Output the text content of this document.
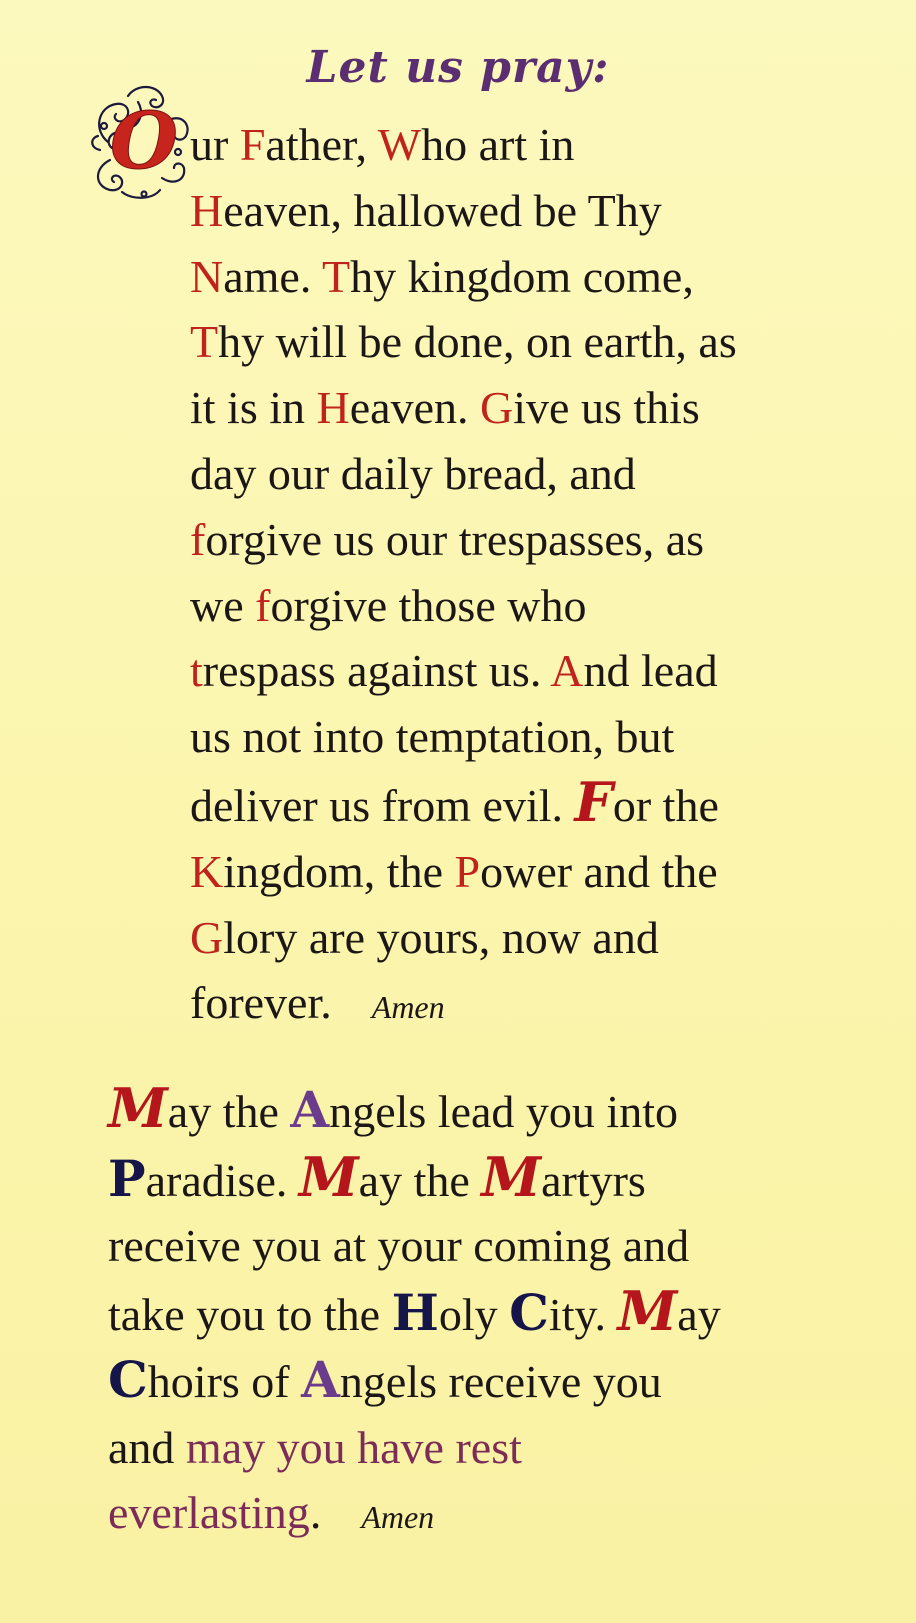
Let us pray:
O ur Father, Who art in
Heaven, hallowed be Thy
Name. Thy kingdom come,
Thy will be done, on earth, as
it is in Heaven. Give us this
day our daily bread, and
forgive us our trespasses, as
we forgive those who
trespass against us. And lead
us not into temptation, but
deliver us from evil. For the
Kingdom, the Power and the
Glory are yours, now and
forever. Amen
May the Angels lead you into
Paradise. May the Martyrs
receive you at your coming and
take you to the Holy City. May
Choirs of Angels receive you
and may you have rest
everlasting. Amen
